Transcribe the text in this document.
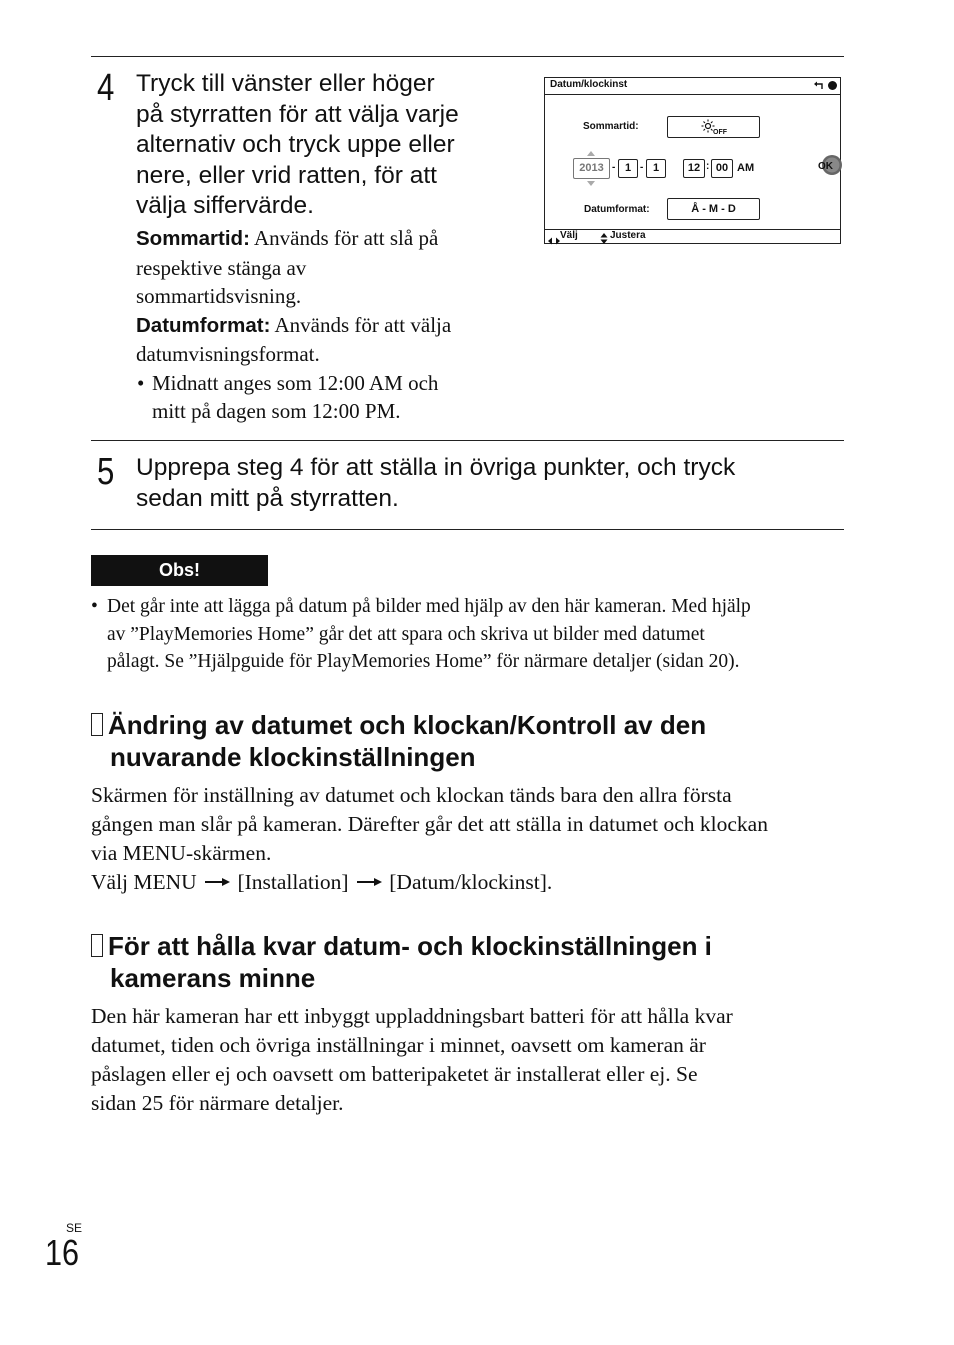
4 Tryck till vänster eller höger
på styrratten för att välja varje
alternativ och tryck uppe eller
nere, eller vrid ratten, för att
välja siffervärde.
Sommartid: Används för att slå på
respektive stänga av
sommartidsvisning.
Datumformat: Används för att välja
datumvisningsformat.
• Midnatt anges som 12:00 AM och
mitt på dagen som 12:00 PM.
Datum/klockinst
Sommartid:
OFF
2013 - 1 - 1	12 : 00 AM	OK
Datumformat:	Å - M - D
Välj	Justera
5 Upprepa steg 4 för att ställa in övriga punkter, och tryck
sedan mitt på styrratten.
Obs!
• Det går inte att lägga på datum på bilder med hjälp av den här kameran. Med hjälp
av ”PlayMemories Home” går det att spara och skriva ut bilder med datumet
pålagt. Se ”Hjälpguide för PlayMemories Home” för närmare detaljer (sidan 20).
Ändring av datumet och klockan/Kontroll av den
nuvarande klockinställningen
Skärmen för inställning av datumet och klockan tänds bara den allra första
gången man slår på kameran. Därefter går det att ställa in datumet och klockan
via MENU-skärmen.
Välj MENU [Installation] [Datum/klockinst].
För att hålla kvar datum- och klockinställningen i
kamerans minne
Den här kameran har ett inbyggt uppladdningsbart batteri för att hålla kvar
datumet, tiden och övriga inställningar i minnet, oavsett om kameran är
påslagen eller ej och oavsett om batteripaketet är installerat eller ej. Se
sidan 25 för närmare detaljer.
SE
16
